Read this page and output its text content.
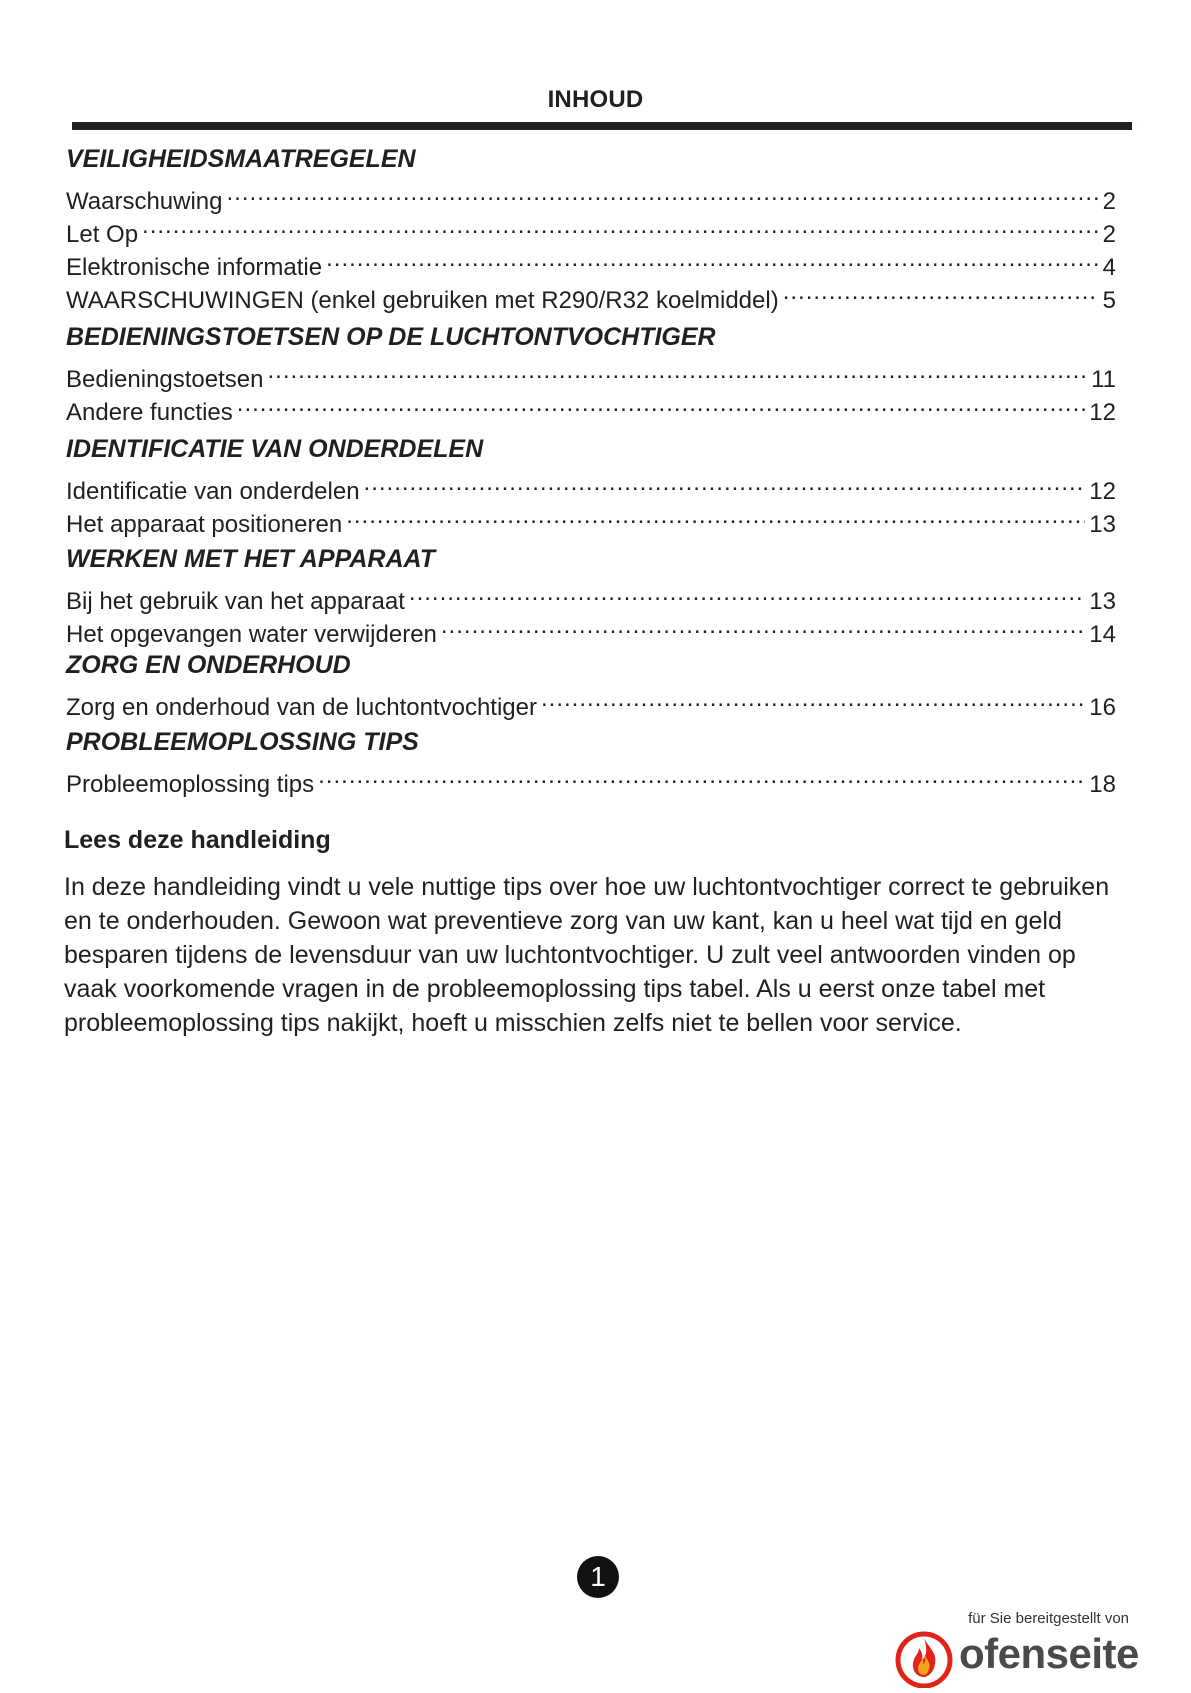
INHOUD
VEILIGHEIDSMAATREGELEN
Waarschuwing .....	2
Let Op .....	2
Elektronische informatie .....	4
WAARSCHUWINGEN (enkel gebruiken met R290/R32 koelmiddel) .....	5
BEDIENINGSTOETSEN OP DE LUCHTONTVOCHTIGER
Bedieningstoetsen .....	11
Andere functies .....	12
IDENTIFICATIE VAN ONDERDELEN
Identificatie van onderdelen .....	12
Het apparaat positioneren .....	13
WERKEN MET HET APPARAAT
Bij het gebruik van het apparaat .....	13
Het opgevangen water verwijderen .....	14
ZORG EN ONDERHOUD
Zorg en onderhoud van de luchtontvochtiger .....	16
PROBLEEMOPLOSSING TIPS
Probleemoplossing tips .....	18
Lees deze handleiding

In deze handleiding vindt u vele nuttige tips over hoe uw luchtontvochtiger correct te gebruiken en te onderhouden. Gewoon wat preventieve zorg van uw kant, kan u heel wat tijd en geld besparen tijdens de levensduur van uw luchtontvochtiger. U zult veel antwoorden vinden op vaak voorkomende vragen in de probleemoplossing tips tabel. Als u eerst onze tabel met probleemoplossing tips nakijkt, hoeft u misschien zelfs niet te bellen voor service.

1
für Sie bereitgestellt von
ofenseite
